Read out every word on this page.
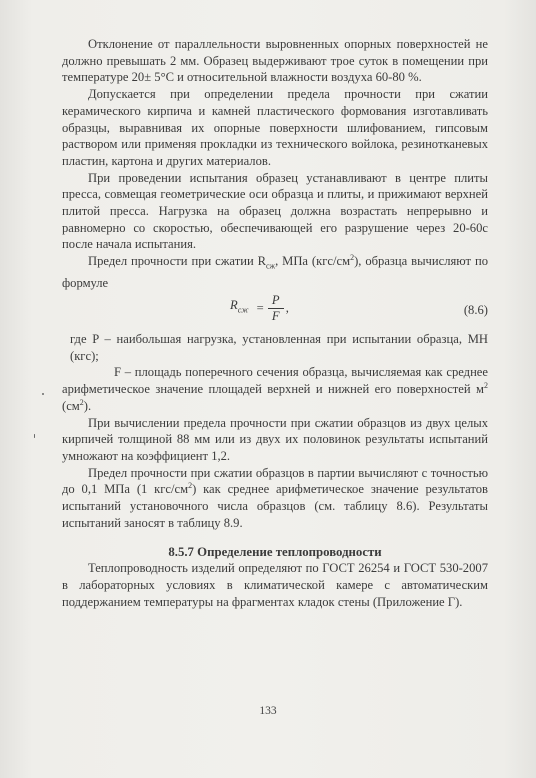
Отклонение от параллельности выровненных опорных поверхностей не должно превышать 2 мм. Образец выдерживают трое суток в помещении при температуре 20± 5°С и относительной влажности воздуха 60-80 %.

Допускается при определении предела прочности при сжатии керамического кирпича и камней пластического формования изготавливать образцы, выравнивая их опорные поверхности шлифованием, гипсовым раствором или применяя прокладки из технического войлока, резинотканевых пластин, картона и других материалов.

При проведении испытания образец устанавливают в центре плиты пресса, совмещая геометрические оси образца и плиты, и прижимают верхней плитой пресса. Нагрузка на образец должна возрастать непрерывно и равномерно со скоростью, обеспечивающей его разрушение через 20-60с после начала испытания.

Предел прочности при сжатии $R_{сж}$, МПа $(кгс/см^2)$, образца вычисляют по формуле

$R_{сж} = \frac{P}{F}$ ,	(8.6)

где P – наибольшая нагрузка, установленная при испытании образца, МН (кгс);

F – площадь поперечного сечения образца, вычисляемая как среднее арифметическое значение площадей верхней и нижней его поверхностей $м^2$ $(см^2)$.

При вычислении предела прочности при сжатии образцов из двух целых кирпичей толщиной 88 мм или из двух их половинок результаты испытаний умножают на коэффициент 1,2.

Предел прочности при сжатии образцов в партии вычисляют с точностью до 0,1 МПа (1 кгс/$см^2$) как среднее арифметическое значение результатов испытаний установочного числа образцов (см. таблицу 8.6). Результаты испытаний заносят в таблицу 8.9.

8.5.7 Определение теплопроводности

Теплопроводность изделий определяют по ГОСТ 26254 и ГОСТ 530-2007 в лабораторных условиях в климатической камере с автоматическим поддержанием температуры на фрагментах кладок стены (Приложение Г).

133
